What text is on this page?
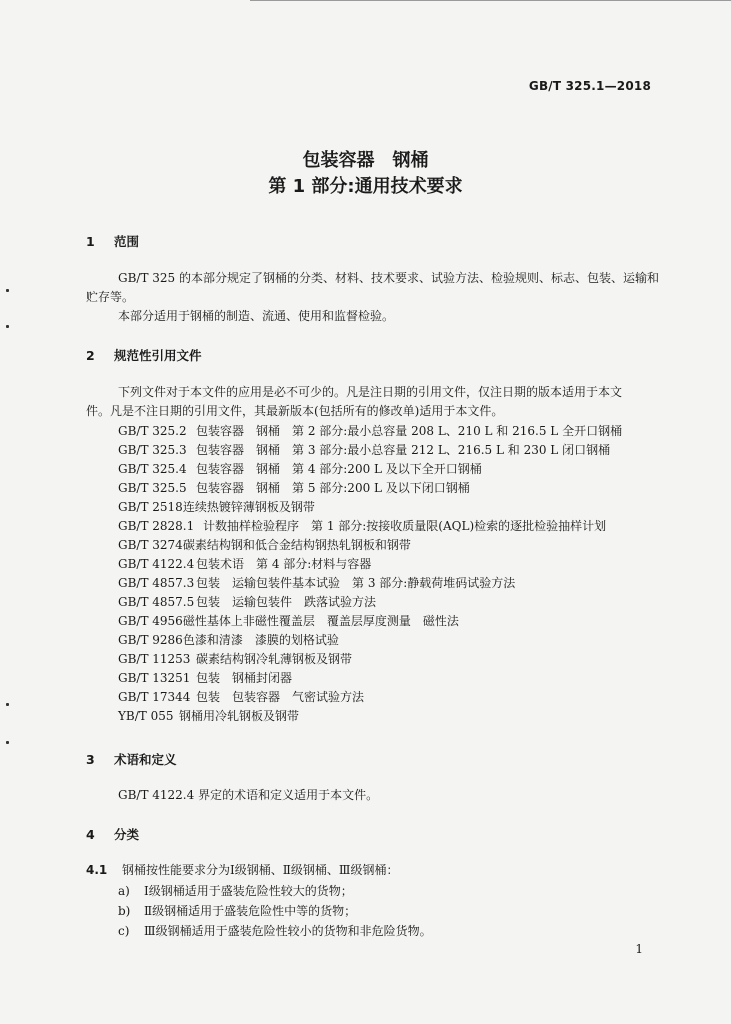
GB/T 325.1—2018
包装容器　钢桶
第 1 部分:通用技术要求
1 范围
GB/T 325 的本部分规定了钢桶的分类、材料、技术要求、试验方法、检验规则、标志、包装、运输和
贮存等。
本部分适用于钢桶的制造、流通、使用和监督检验。
2 规范性引用文件
下列文件对于本文件的应用是必不可少的。凡是注日期的引用文件，仅注日期的版本适用于本文
件。凡是不注日期的引用文件，其最新版本(包括所有的修改单)适用于本文件。
GB/T 325.2 包装容器　钢桶　第 2 部分:最小总容量 208 L、210 L 和 216.5 L 全开口钢桶
GB/T 325.3 包装容器　钢桶　第 3 部分:最小总容量 212 L、216.5 L 和 230 L 闭口钢桶
GB/T 325.4 包装容器　钢桶　第 4 部分:200 L 及以下全开口钢桶
GB/T 325.5 包装容器　钢桶　第 5 部分:200 L 及以下闭口钢桶
GB/T 2518连续热镀锌薄钢板及钢带
GB/T 2828.1 计数抽样检验程序　第 1 部分:按接收质量限(AQL)检索的逐批检验抽样计划
GB/T 3274碳素结构钢和低合金结构钢热轧钢板和钢带
GB/T 4122.4 包装术语　第 4 部分:材料与容器
GB/T 4857.3 包装　运输包装件基本试验　第 3 部分:静载荷堆码试验方法
GB/T 4857.5 包装　运输包装件　跌落试验方法
GB/T 4956磁性基体上非磁性覆盖层　覆盖层厚度测量　磁性法
GB/T 9286色漆和清漆　漆膜的划格试验
GB/T 11253 碳素结构钢冷轧薄钢板及钢带
GB/T 13251 包装　钢桶封闭器
GB/T 17344 包装　包装容器　气密试验方法
YB/T 055 钢桶用冷轧钢板及钢带
3 术语和定义
GB/T 4122.4 界定的术语和定义适用于本文件。
4 分类
4.1 钢桶按性能要求分为Ⅰ级钢桶、Ⅱ级钢桶、Ⅲ级钢桶：
a) Ⅰ级钢桶适用于盛装危险性较大的货物；
b) Ⅱ级钢桶适用于盛装危险性中等的货物；
c) Ⅲ级钢桶适用于盛装危险性较小的货物和非危险货物。
1
